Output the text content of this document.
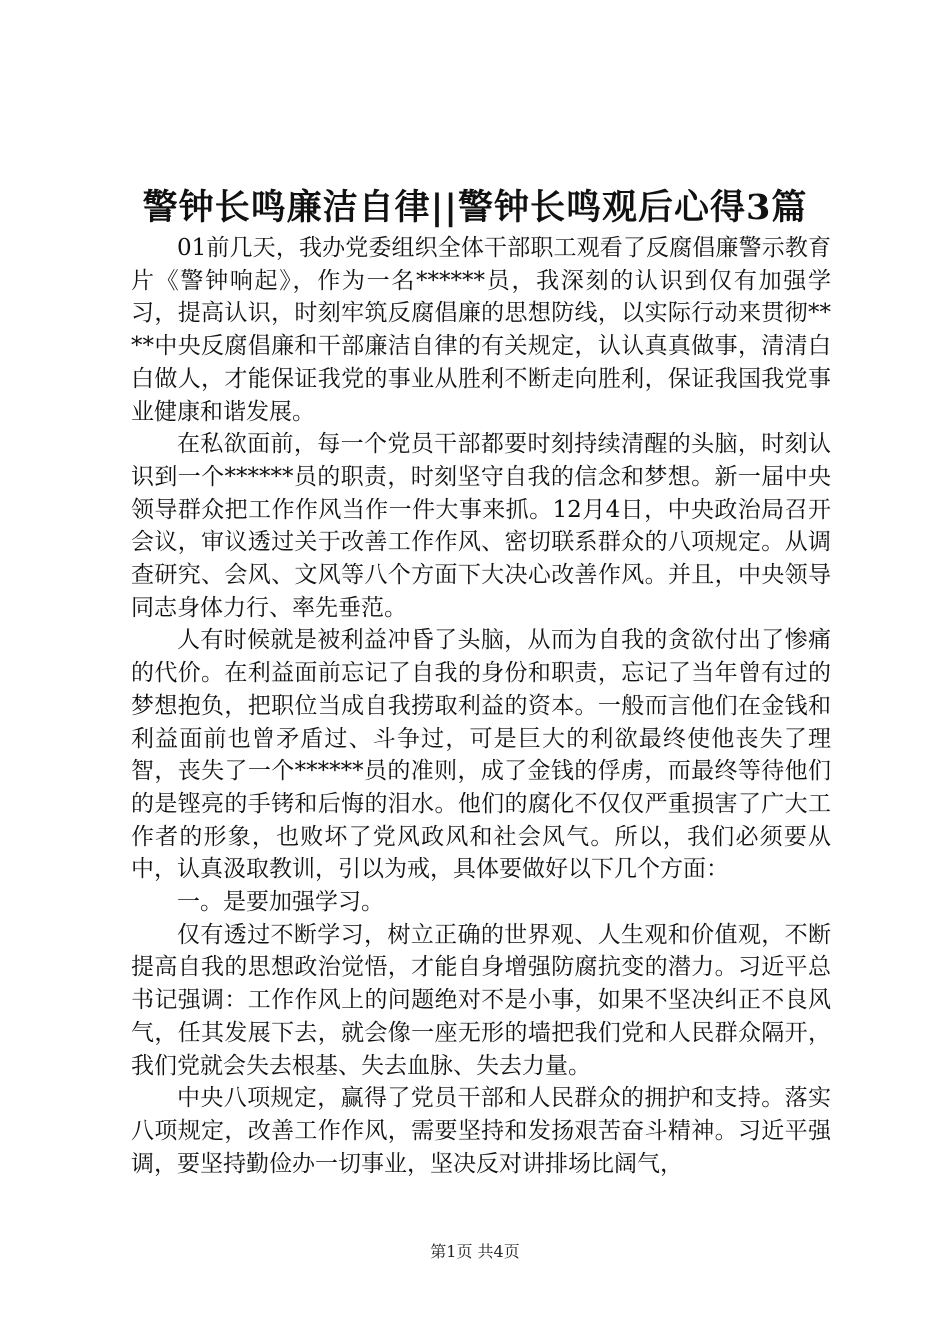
警钟长鸣廉洁自律||警钟长鸣观后心得3篇

01前几天，我办党委组织全体干部职工观看了反腐倡廉警示教育片《警钟响起》，作为一名******员，我深刻的认识到仅有加强学习，提高认识，时刻牢筑反腐倡廉的思想防线，以实际行动来贯彻****中央反腐倡廉和干部廉洁自律的有关规定，认认真真做事，清清白白做人，才能保证我党的事业从胜利不断走向胜利，保证我国我党事业健康和谐发展。

在私欲面前，每一个党员干部都要时刻持续清醒的头脑，时刻认识到一个******员的职责，时刻坚守自我的信念和梦想。新一届中央领导群众把工作作风当作一件大事来抓。12月4日，中央政治局召开会议，审议透过关于改善工作作风、密切联系群众的八项规定。从调查研究、会风、文风等八个方面下大决心改善作风。并且，中央领导同志身体力行、率先垂范。

人有时候就是被利益冲昏了头脑，从而为自我的贪欲付出了惨痛的代价。在利益面前忘记了自我的身份和职责，忘记了当年曾有过的梦想抱负，把职位当成自我捞取利益的资本。一般而言他们在金钱和利益面前也曾矛盾过、斗争过，可是巨大的利欲最终使他丧失了理智，丧失了一个******员的准则，成了金钱的俘虏，而最终等待他们的是铿亮的手铐和后悔的泪水。他们的腐化不仅仅严重损害了广大工作者的形象，也败坏了党风政风和社会风气。所以，我们必须要从中，认真汲取教训，引以为戒，具体要做好以下几个方面：

一。是要加强学习。

仅有透过不断学习，树立正确的世界观、人生观和价值观，不断提高自我的思想政治觉悟，才能自身增强防腐抗变的潜力。习近平总书记强调：工作作风上的问题绝对不是小事，如果不坚决纠正不良风气，任其发展下去，就会像一座无形的墙把我们党和人民群众隔开，我们党就会失去根基、失去血脉、失去力量。

中央八项规定，赢得了党员干部和人民群众的拥护和支持。落实八项规定，改善工作作风，需要坚持和发扬艰苦奋斗精神。习近平强调，要坚持勤俭办一切事业，坚决反对讲排场比阔气，

第1页 共4页
